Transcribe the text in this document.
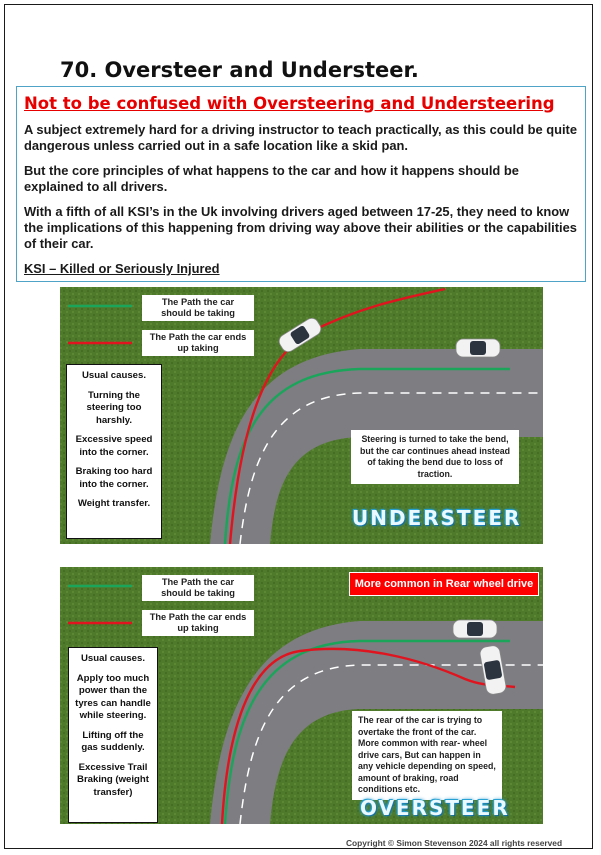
70. Oversteer and Understeer.
Not to be confused with Oversteering and Understeering

A subject extremely hard for a driving instructor to teach practically, as this could be quite dangerous unless carried out in a safe location like a skid pan.

But the core principles of what happens to the car and how it happens should be explained to all drivers.

With a fifth of all KSI’s in the Uk involving drivers aged between 17-25, they need to know the implications of this happening from driving way above their abilities or the capabilities of their car.

KSI – Killed or Seriously Injured
The Path the car should be taking
The Path the car ends up taking
Usual causes.
Turning the steering too harshly.
Excessive speed into the corner.
Braking too hard into the corner.
Weight transfer.
Steering is turned to take the bend, but the car continues ahead instead of taking the bend due to loss of traction.
UNDERSTEER
The Path the car should be taking
The Path the car ends up taking
More common in Rear wheel drive
Usual causes.
Apply too much power than the tyres can handle while steering.
Lifting off the gas suddenly.
Excessive Trail Braking (weight transfer)
The rear of the car is trying to overtake the front of the car. More common with rear- wheel drive cars, But can happen in any vehicle depending on speed, amount of braking, road conditions etc.
OVERSTEER
Copyright © Simon Stevenson 2024 all rights reserved
